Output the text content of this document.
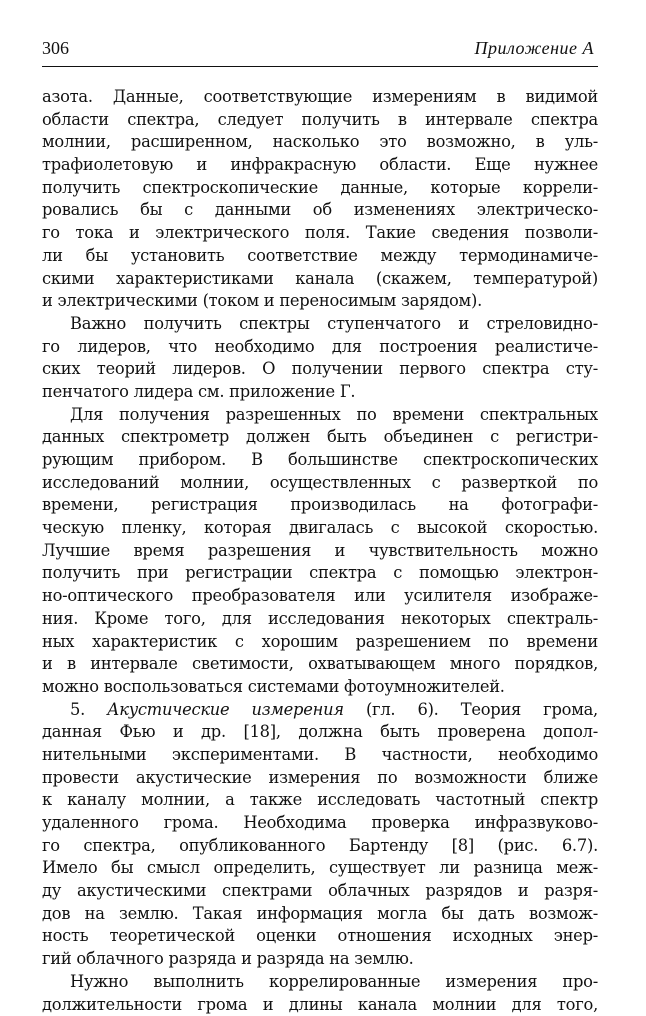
306	Приложение А
азота. Данные, соответствующие измерениям в видимой
области спектра, следует получить в интервале спектра
молнии, расширенном, насколько это возможно, в уль-
трафиолетовую и инфракрасную области. Еще нужнее
получить спектроскопические данные, которые коррели-
ровались бы с данными об изменениях электрическо-
го тока и электрического поля. Такие сведения позволи-
ли бы установить соответствие между термодинамиче-
скими характеристиками канала (скажем, температурой)
и электрическими (током и переносимым зарядом).
Важно получить спектры ступенчатого и стреловидно-
го лидеров, что необходимо для построения реалистиче-
ских теорий лидеров. О получении первого спектра сту-
пенчатого лидера см. приложение Г.
Для получения разрешенных по времени спектральных
данных спектрометр должен быть объединен с регистри-
рующим прибором. В большинстве спектроскопических
исследований молнии, осуществленных с разверткой по
времени, регистрация производилась на фотографи-
ческую пленку, которая двигалась с высокой скоростью.
Лучшие время разрешения и чувствительность можно
получить при регистрации спектра с помощью электрон-
но-оптического преобразователя или усилителя изображе-
ния. Кроме того, для исследования некоторых спектраль-
ных характеристик с хорошим разрешением по времени
и в интервале светимости, охватывающем много порядков,
можно воспользоваться системами фотоумножителей.
5. Акустические измерения (гл. 6). Теория грома,
данная Фью и др. [18], должна быть проверена допол-
нительными экспериментами. В частности, необходимо
провести акустические измерения по возможности ближе
к каналу молнии, а также исследовать частотный спектр
удаленного грома. Необходима проверка инфразвуково-
го спектра, опубликованного Бартенду [8] (рис. 6.7).
Имело бы смысл определить, существует ли разница меж-
ду акустическими спектрами облачных разрядов и разря-
дов на землю. Такая информация могла бы дать возмож-
ность теоретической оценки отношения исходных энер-
гий облачного разряда и разряда на землю.
Нужно выполнить коррелированные измерения про-
должительности грома и длины канала молнии для того,
